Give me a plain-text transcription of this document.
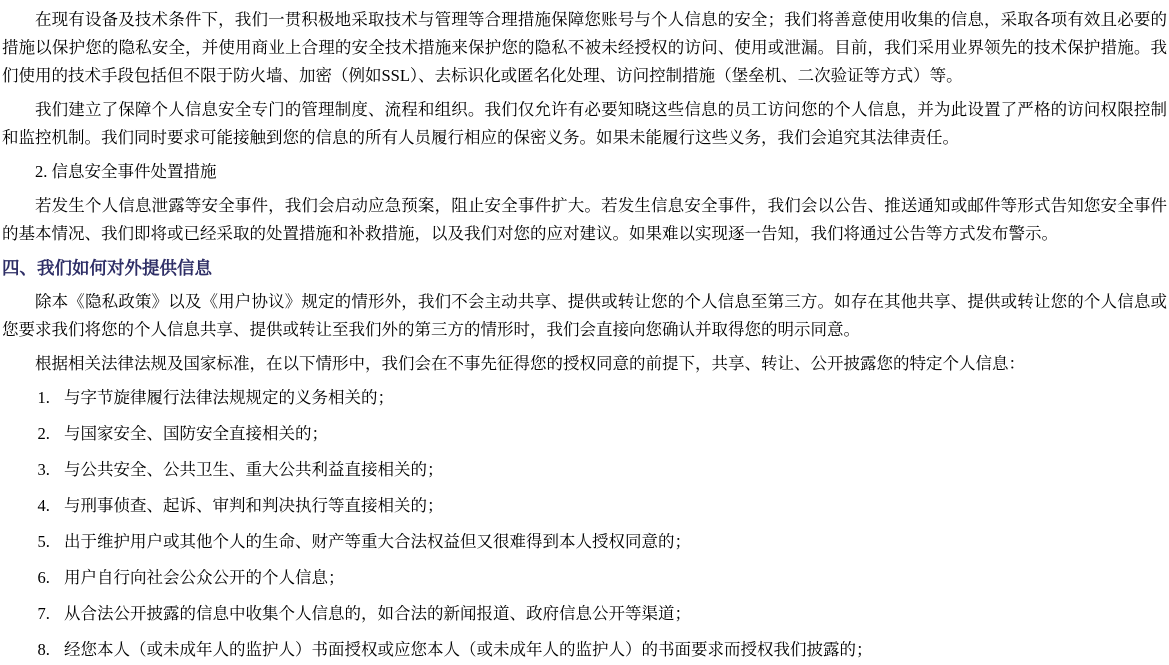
在现有设备及技术条件下，我们一贯积极地采取技术与管理等合理措施保障您账号与个人信息的安全；我们将善意使用收集的信息，采取各项有效且必要的措施以保护您的隐私安全，并使用商业上合理的安全技术措施来保护您的隐私不被未经授权的访问、使用或泄漏。目前，我们采用业界领先的技术保护措施。我们使用的技术手段包括但不限于防火墙、加密（例如SSL）、去标识化或匿名化处理、访问控制措施（堡垒机、二次验证等方式）等。

我们建立了保障个人信息安全专门的管理制度、流程和组织。我们仅允许有必要知晓这些信息的员工访问您的个人信息，并为此设置了严格的访问权限控制和监控机制。我们同时要求可能接触到您的信息的所有人员履行相应的保密义务。如果未能履行这些义务，我们会追究其法律责任。

2. 信息安全事件处置措施

若发生个人信息泄露等安全事件，我们会启动应急预案，阻止安全事件扩大。若发生信息安全事件，我们会以公告、推送通知或邮件等形式告知您安全事件的基本情况、我们即将或已经采取的处置措施和补救措施，以及我们对您的应对建议。如果难以实现逐一告知，我们将通过公告等方式发布警示。

四、我们如何对外提供信息

除本《隐私政策》以及《用户协议》规定的情形外，我们不会主动共享、提供或转让您的个人信息至第三方。如存在其他共享、提供或转让您的个人信息或您要求我们将您的个人信息共享、提供或转让至我们外的第三方的情形时，我们会直接向您确认并取得您的明示同意。

根据相关法律法规及国家标准，在以下情形中，我们会在不事先征得您的授权同意的前提下，共享、转让、公开披露您的特定个人信息：

1. 与字节旋律履行法律法规规定的义务相关的；
2. 与国家安全、国防安全直接相关的；
3. 与公共安全、公共卫生、重大公共利益直接相关的；
4. 与刑事侦查、起诉、审判和判决执行等直接相关的；
5. 出于维护用户或其他个人的生命、财产等重大合法权益但又很难得到本人授权同意的；
6. 用户自行向社会公众公开的个人信息；
7. 从合法公开披露的信息中收集个人信息的，如合法的新闻报道、政府信息公开等渠道；
8. 经您本人（或未成年人的监护人）书面授权或应您本人（或未成年人的监护人）的书面要求而授权我们披露的；
